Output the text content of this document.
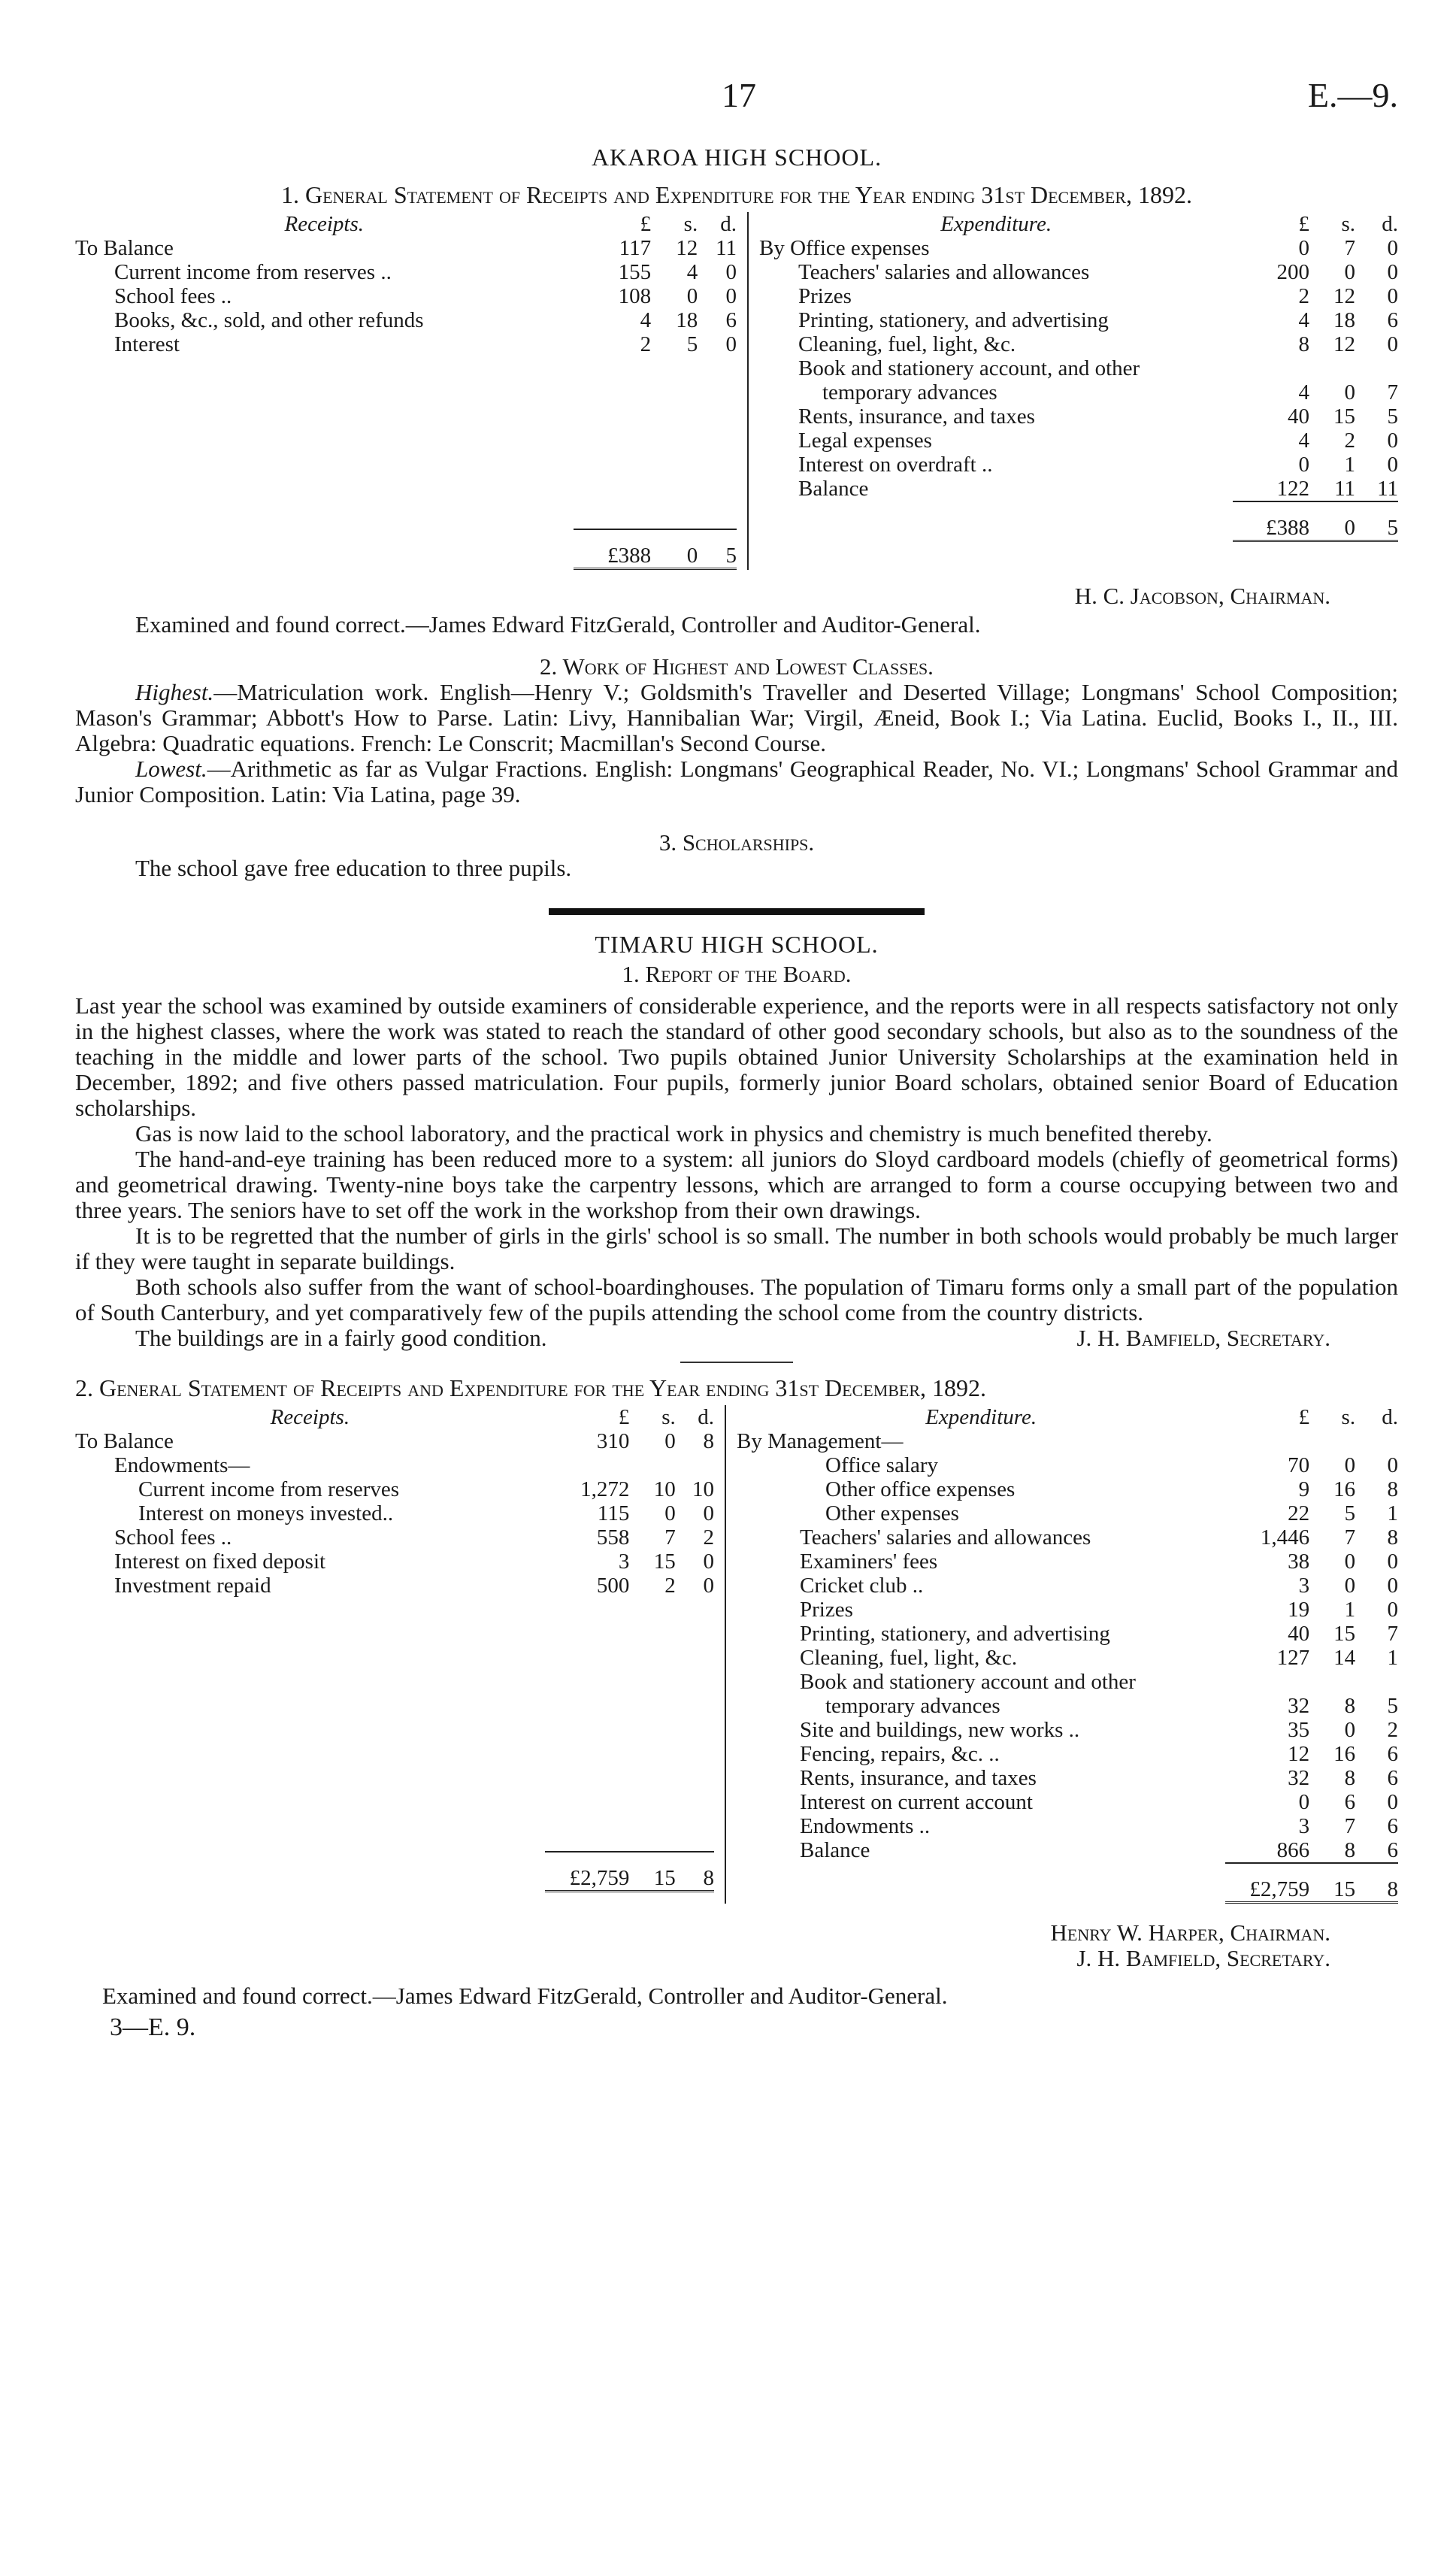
17	E.—9.
AKAROA HIGH SCHOOL.
1. General Statement of Receipts and Expenditure for the Year ending 31st December, 1892.
Receipts.	£	s.	d.
To Balance	117	12	11
Current income from reserves ..	155	4	0
School fees ..	108	0	0
Books, &c., sold, and other refunds	4	18	6
Interest	2	5	0

	£388	0	5
Expenditure.	£	s.	d.
By Office expenses	0	7	0
Teachers' salaries and allowances	200	0	0
Prizes	2	12	0
Printing, stationery, and advertising	4	18	6
Cleaning, fuel, light, &c.	8	12	0
Book and stationery account, and other			
temporary advances	4	0	7
Rents, insurance, and taxes	40	15	5
Legal expenses	4	2	0
Interest on overdraft ..	0	1	0
Balance	122	11	11
	£388	0	5
H. C. Jacobson, Chairman.
Examined and found correct.—James Edward FitzGerald, Controller and Auditor-General.
2. Work of Highest and Lowest Classes.

Highest.—Matriculation work. English—Henry V.; Goldsmith's Traveller and Deserted Village; Longmans' School Composition; Mason's Grammar; Abbott's How to Parse. Latin: Livy, Hannibalian War; Virgil, Æneid, Book I.; Via Latina. Euclid, Books I., II., III. Algebra: Quadratic equations. French: Le Conscrit; Macmillan's Second Course.

Lowest.—Arithmetic as far as Vulgar Fractions. English: Longmans' Geographical Reader, No. VI.; Longmans' School Grammar and Junior Composition. Latin: Via Latina, page 39.

3. Scholarships.

The school gave free education to three pupils.

TIMARU HIGH SCHOOL.
1. Report of the Board.

Last year the school was examined by outside examiners of considerable experience, and the reports were in all respects satisfactory not only in the highest classes, where the work was stated to reach the standard of other good secondary schools, but also as to the soundness of the teaching in the middle and lower parts of the school. Two pupils obtained Junior University Scholarships at the examination held in December, 1892; and five others passed matriculation. Four pupils, formerly junior Board scholars, obtained senior Board of Education scholarships.

Gas is now laid to the school laboratory, and the practical work in physics and chemistry is much benefited thereby.

The hand-and-eye training has been reduced more to a system: all juniors do Sloyd cardboard models (chiefly of geometrical forms) and geometrical drawing. Twenty-nine boys take the carpentry lessons, which are arranged to form a course occupying between two and three years. The seniors have to set off the work in the workshop from their own drawings.

It is to be regretted that the number of girls in the girls' school is so small. The number in both schools would probably be much larger if they were taught in separate buildings.

Both schools also suffer from the want of school-boardinghouses. The population of Timaru forms only a small part of the population of South Canterbury, and yet comparatively few of the pupils attending the school come from the country districts.

The buildings are in a fairly good condition.	J. H. Bamfield, Secretary.
2. General Statement of Receipts and Expenditure for the Year ending 31st December, 1892.
Receipts.	£	s.	d.
To Balance	310	0	8
Endowments—			
Current income from reserves	1,272	10	10
Interest on moneys invested..	115	0	0
School fees ..	558	7	2
Interest on fixed deposit	3	15	0
Investment repaid	500	2	0

	£2,759	15	8
Expenditure.	£	s.	d.
By Management—			
Office salary	70	0	0
Other office expenses	9	16	8
Other expenses	22	5	1
Teachers' salaries and allowances	1,446	7	8
Examiners' fees	38	0	0
Cricket club ..	3	0	0
Prizes	19	1	0
Printing, stationery, and advertising	40	15	7
Cleaning, fuel, light, &c.	127	14	1
Book and stationery account and other			
temporary advances	32	8	5
Site and buildings, new works ..	35	0	2
Fencing, repairs, &c. ..	12	16	6
Rents, insurance, and taxes	32	8	6
Interest on current account	0	6	0
Endowments ..	3	7	6
Balance	866	8	6
	£2,759	15	8
Henry W. Harper, Chairman.
J. H. Bamfield, Secretary.
Examined and found correct.—James Edward FitzGerald, Controller and Auditor-General.
3—E. 9.
